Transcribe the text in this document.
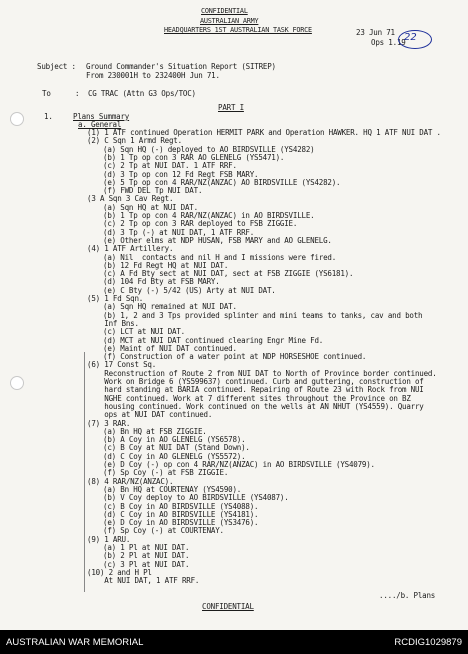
CONFIDENTIAL
AUSTRALIAN ARMY
HEADQUARTERS 1ST AUSTRALIAN TASK FORCE	23 Jun 71
Ops 1.19
22
Subject : Ground Commander's Situation Report (SITREP)
From 230001H to 232400H Jun 71.
To	:  CG TRAC (Attn G3 Ops/TOC)
PART I
1.	Plans Summary
a. General
(1) 1 ATF continued Operation HERMIT PARK and Operation HAWKER. HQ 1 ATF NUI DAT .
(2) C Sqn 1 Armd Regt.
(a) Sqn HQ (-) deployed to AO BIRDSVILLE (YS4282)
(b) 1 Tp op con 3 RAR AO GLENELG (YS5471).
(c) 2 Tp at NUI DAT. 1 ATF RRF.
(d) 3 Tp op con 12 Fd Regt FSB MARY.
(e) 5 Tp op con 4 RAR/NZ(ANZAC) AO BIRDSVILLE (YS4282).
(f) FWD DEL Tp NUI DAT.
(3 A Sqn 3 Cav Regt.
(a) Sqn HQ at NUI DAT.
(b) 1 Tp op con 4 RAR/NZ(ANZAC) in AO BIRDSVILLE.
(c) 2 Tp op con 3 RAR deployed to FSB ZIGGIE.
(d) 3 Tp (-) at NUI DAT, 1 ATF RRF.
(e) Other elms at NDP HUSAN, FSB MARY and AO GLENELG.
(4) 1 ATF Artillery.
(a) Nil  contacts and nil H and I missions were fired.
(b) 12 Fd Regt HQ at NUI DAT.
(c) A Fd Bty sect at NUI DAT, sect at FSB ZIGGIE (YS6181).
(d) 104 Fd Bty at FSB MARY.
(e) C Bty (-) 5/42 (US) Arty at NUI DAT.
(5) 1 Fd Sqn.
(a) Sqn HQ remained at NUI DAT.
(b) 1, 2 and 3 Tps provided splinter and mini teams to tanks, cav and both
Inf Bns.
(c) LCT at NUI DAT.
(d) MCT at NUI DAT continued clearing Engr Mine Fd.
(e) Maint of NUI DAT continued.
(f) Construction of a water point at NDP HORSESHOE continued.
(6) 17 Const Sq.
Reconstruction of Route 2 from NUI DAT to North of Province border continued.
Work on Bridge 6 (YS599637) continued. Curb and guttering, construction of
hard standing at BARIA continued. Repairing of Route 23 with Rock from NUI
NGHE continued. Work at 7 different sites throughout the Province on BZ
housing continued. Work continued on the wells at AN NHUT (YS4559). Quarry
ops at NUI DAT continued.
(7) 3 RAR.
(a) Bn HQ at FSB ZIGGIE.
(b) A Coy in AO GLENELG (YS6578).
(c) B Coy at NUI DAT (Stand Down).
(d) C Coy in AO GLENELG (YS5572).
(e) D Coy (-) op con 4 RAR/NZ(ANZAC) in AO BIRDSVILLE (YS4079).
(f) Sp Coy (-) at FSB ZIGGIE.
(8) 4 RAR/NZ(ANZAC).
(a) Bn HQ at COURTENAY (YS4590).
(b) V Coy deploy to AO BIRDSVILLE (YS4087).
(c) B Coy in AO BIRDSVILLE (YS4088).
(d) C Coy in AO BIRDSVILLE (YS4181).
(e) D Coy in AO BIRDSVILLE (YS3476).
(f) Sp Coy (-) at COURTENAY.
(9) 1 ARU.
(a) 1 Pl at NUI DAT.
(b) 2 Pl at NUI DAT.
(c) 3 Pl at NUI DAT.
(10) 2 and H Pl
At NUI DAT, 1 ATF RRF.
..../b. Plans
CONFIDENTIAL
AUSTRALIAN WAR MEMORIAL	RCDIG1029879
